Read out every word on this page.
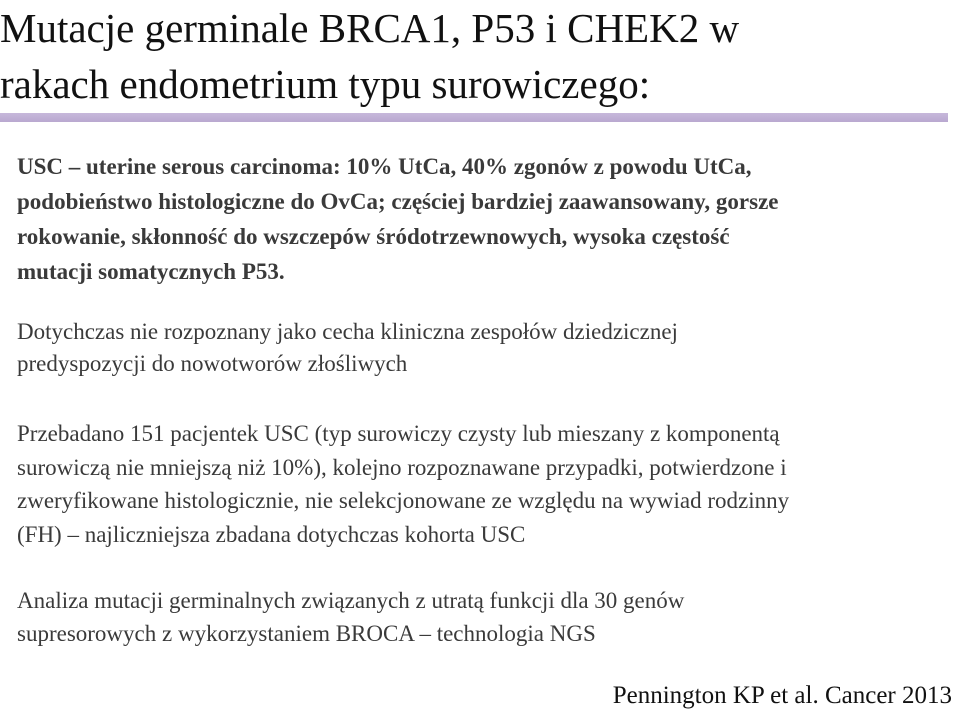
Mutacje germinale BRCA1, P53 i CHEK2 w
rakach endometrium typu surowiczego:

USC – uterine serous carcinoma: 10% UtCa, 40% zgonów z powodu UtCa,
podobieństwo histologiczne do OvCa; częściej bardziej zaawansowany, gorsze
rokowanie, skłonność do wszczepów śródotrzewnowych, wysoka częstość
mutacji somatycznych P53.

Dotychczas nie rozpoznany jako cecha kliniczna zespołów dziedzicznej
predyspozycji do nowotworów złośliwych

Przebadano 151 pacjentek USC (typ surowiczy czysty lub mieszany z komponentą
surowiczą nie mniejszą niż 10%), kolejno rozpoznawane przypadki, potwierdzone i
zweryfikowane histologicznie, nie selekcjonowane ze względu na wywiad rodzinny
(FH) – najliczniejsza zbadana dotychczas kohorta USC

Analiza mutacji germinalnych związanych z utratą funkcji dla 30 genów
supresorowych z wykorzystaniem BROCA – technologia NGS

Pennington KP et al. Cancer 2013
